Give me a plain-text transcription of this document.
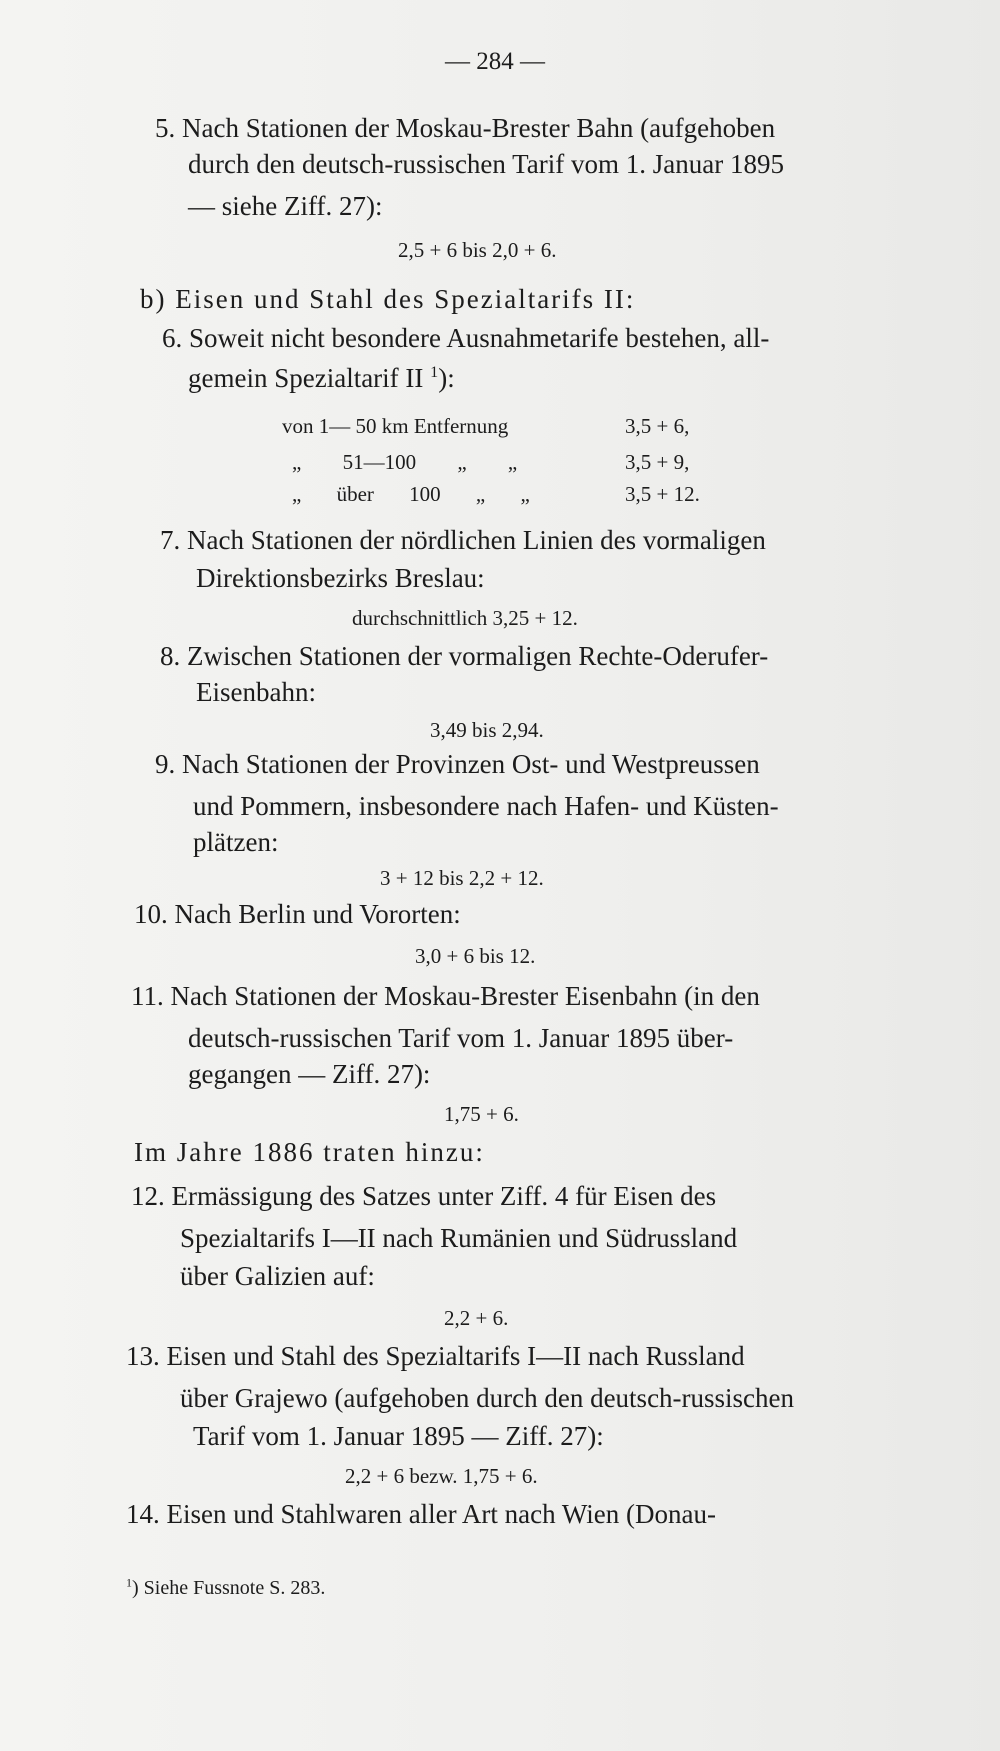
— 284 —
5. Nach Stationen der Moskau-Brester Bahn (aufgehoben
durch den deutsch-russischen Tarif vom 1. Januar 1895
— siehe Ziff. 27):
2,5 + 6 bis 2,0 + 6.
b) Eisen und Stahl des Spezialtarifs II:
6. Soweit nicht besondere Ausnahmetarife bestehen, all-
gemein Spezialtarif II $^1$):
von 1— 50 km Entfernung	3,5 + 6,
„ 51—100 „ „	3,5 + 9,
„ über 100 „ „	3,5 + 12.
7. Nach Stationen der nördlichen Linien des vormaligen
Direktionsbezirks Breslau:
durchschnittlich 3,25 + 12.
8. Zwischen Stationen der vormaligen Rechte-Oderufer-
Eisenbahn:
3,49 bis 2,94.
9. Nach Stationen der Provinzen Ost- und Westpreussen
und Pommern, insbesondere nach Hafen- und Küsten-
plätzen:
3 + 12 bis 2,2 + 12.
10. Nach Berlin und Vororten:
3,0 + 6 bis 12.
11. Nach Stationen der Moskau-Brester Eisenbahn (in den
deutsch-russischen Tarif vom 1. Januar 1895 über-
gegangen — Ziff. 27):
1,75 + 6.
Im Jahre 1886 traten hinzu:
12. Ermässigung des Satzes unter Ziff. 4 für Eisen des
Spezialtarifs I—II nach Rumänien und Südrussland
über Galizien auf:
2,2 + 6.
13. Eisen und Stahl des Spezialtarifs I—II nach Russland
über Grajewo (aufgehoben durch den deutsch-russischen
Tarif vom 1. Januar 1895 — Ziff. 27):
2,2 + 6 bezw. 1,75 + 6.
14. Eisen und Stahlwaren aller Art nach Wien (Donau-
$^1$) Siehe Fussnote S. 283.
